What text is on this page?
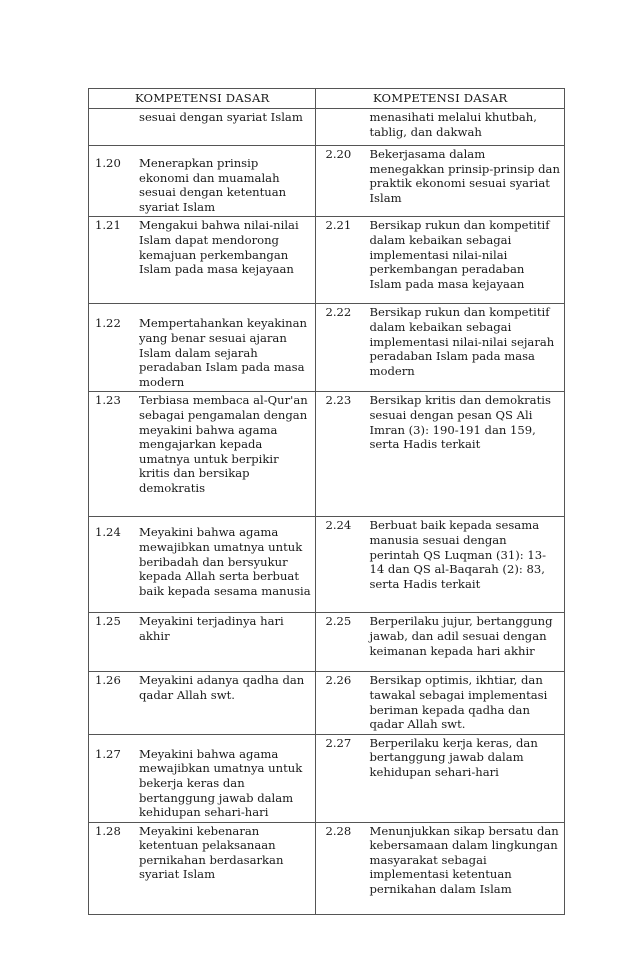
KOMPETENSI DASAR	KOMPETENSI DASAR

sesuai dengan syariat Islam	menasihati melalui khutbah, tablig, dan dakwah

1.20 Menerapkan prinsip ekonomi dan muamalah sesuai dengan ketentuan syariat Islam	2.20 Bekerjasama dalam menegakkan prinsip-prinsip dan praktik ekonomi sesuai syariat Islam

1.21 Mengakui bahwa nilai-nilai Islam dapat mendorong kemajuan perkembangan Islam pada masa kejayaan	2.21 Bersikap rukun dan kompetitif dalam kebaikan sebagai implementasi nilai-nilai perkembangan peradaban Islam pada masa kejayaan

1.22 Mempertahankan keyakinan yang benar sesuai ajaran Islam dalam sejarah peradaban Islam pada masa modern	2.22 Bersikap rukun dan kompetitif dalam kebaikan sebagai implementasi nilai-nilai sejarah peradaban Islam pada masa modern

1.23 Terbiasa membaca al-Qur'an sebagai pengamalan dengan meyakini bahwa agama mengajarkan kepada umatnya untuk berpikir kritis dan bersikap demokratis	2.23 Bersikap kritis dan demokratis sesuai dengan pesan QS Ali Imran (3): 190-191 dan 159, serta Hadis terkait

1.24 Meyakini bahwa agama mewajibkan umatnya untuk beribadah dan bersyukur kepada Allah serta berbuat baik kepada sesama manusia	2.24 Berbuat baik kepada sesama manusia sesuai dengan perintah QS Luqman (31): 13-14 dan QS al-Baqarah (2): 83, serta Hadis terkait

1.25 Meyakini terjadinya hari akhir	2.25 Berperilaku jujur, bertanggung jawab, dan adil sesuai dengan keimanan kepada hari akhir

1.26 Meyakini adanya qadha dan qadar Allah swt.	2.26 Bersikap optimis, ikhtiar, dan tawakal sebagai implementasi beriman kepada qadha dan qadar Allah swt.

1.27 Meyakini bahwa agama mewajibkan umatnya untuk bekerja keras dan bertanggung jawab dalam kehidupan sehari-hari	2.27 Berperilaku kerja keras, dan bertanggung jawab dalam kehidupan sehari-hari

1.28 Meyakini kebenaran ketentuan pelaksanaan pernikahan berdasarkan syariat Islam	2.28 Menunjukkan sikap bersatu dan kebersamaan dalam lingkungan masyarakat sebagai implementasi ketentuan pernikahan dalam Islam
